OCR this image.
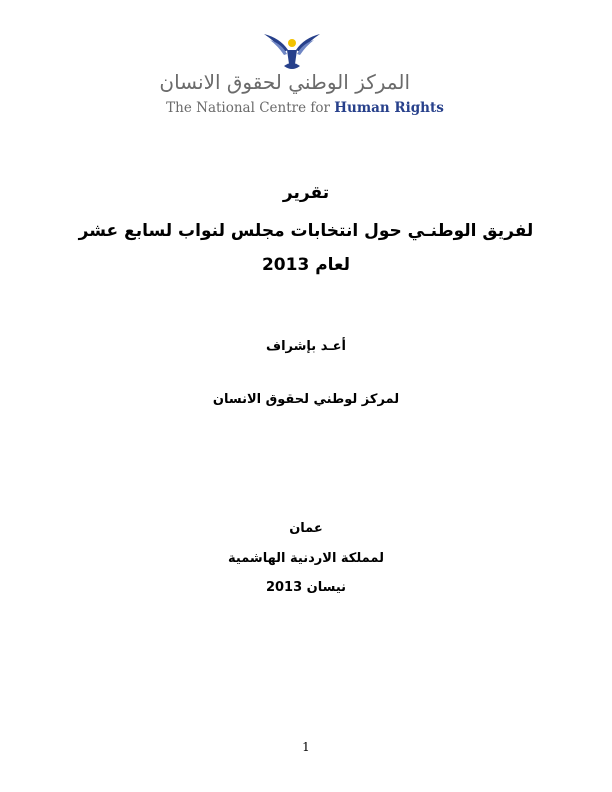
المركز الوطني لحقوق الانسان
The National Centre for Human Rights
تقرير
لفريق الوطنـي حول انتخابات مجلس لنواب لسابع عشر
لعام 2013
أعـد بإشراف
لمركز لوطني لحقوق الانسان
عمان
لمملكة الاردنية الهاشمية
نيسان 2013
1
